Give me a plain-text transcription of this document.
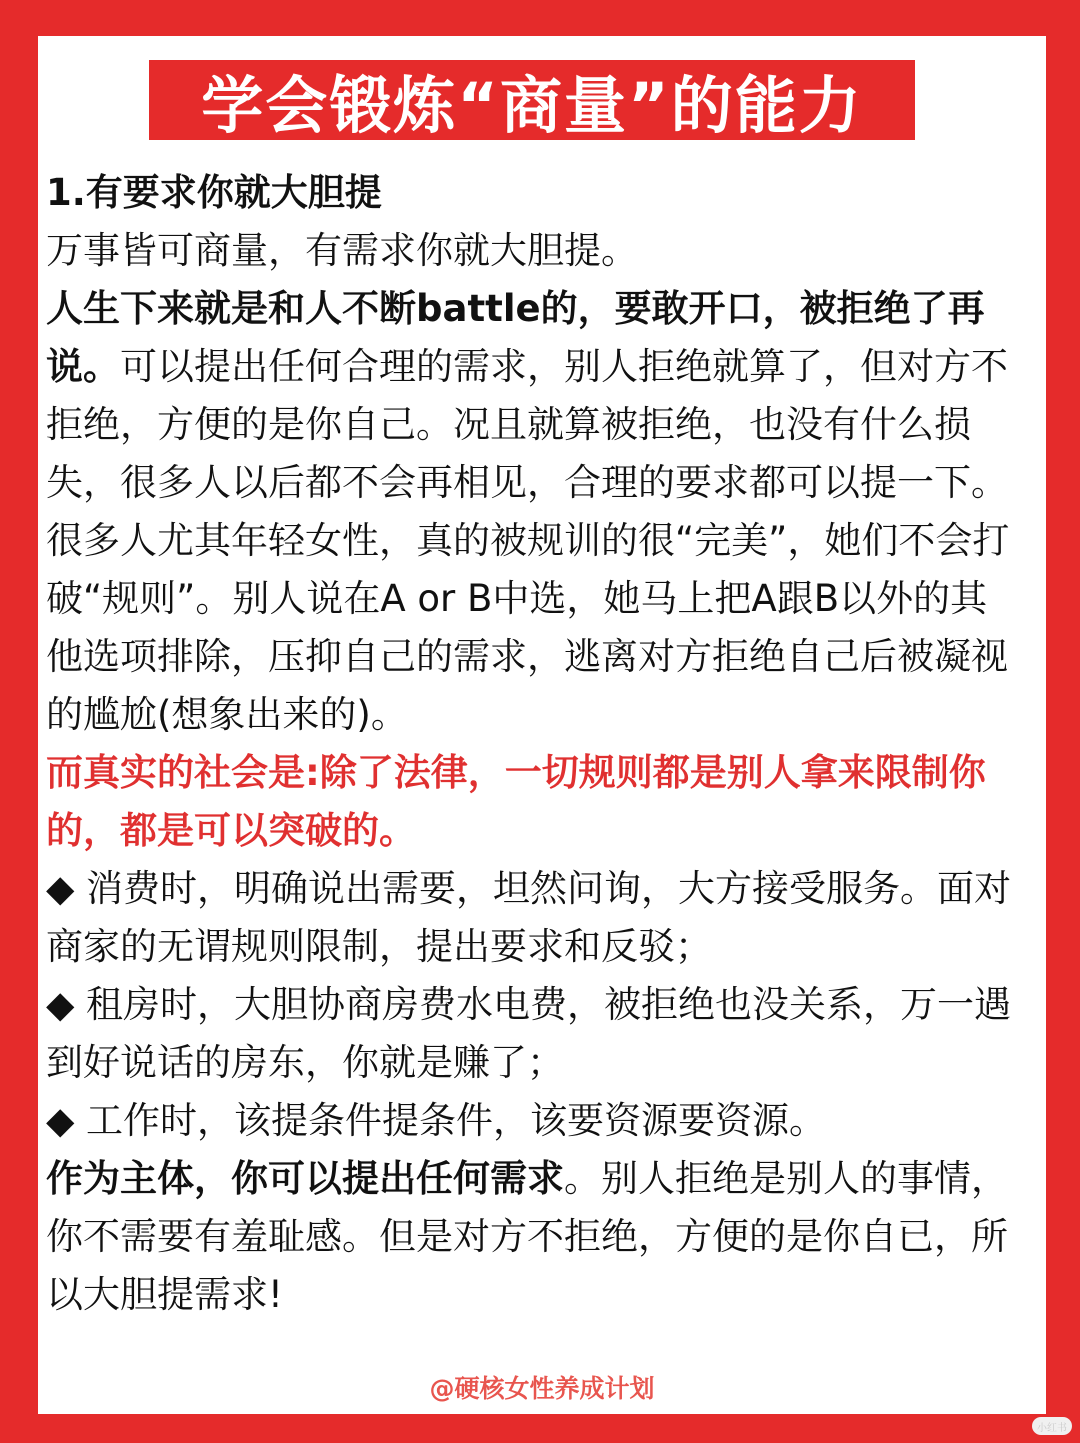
学会锻炼“商量”的能力

1.有要求你就大胆提

万事皆可商量，有需求你就大胆提。

人生下来就是和人不断battle的，要敢开口，被拒绝了再说。可以提出任何合理的需求，别人拒绝就算了，但对方不拒绝，方便的是你自己。况且就算被拒绝，也没有什么损失，很多人以后都不会再相见，合理的要求都可以提一下。

很多人尤其年轻女性，真的被规训的很“完美”，她们不会打破“规则”。别人说在A or B中选，她马上把A跟B以外的其他选项排除，压抑自己的需求，逃离对方拒绝自己后被凝视的尴尬(想象出来的)。

而真实的社会是:除了法律，一切规则都是别人拿来限制你的，都是可以突破的。

◆ 消费时，明确说出需要，坦然问询，大方接受服务。面对商家的无谓规则限制，提出要求和反驳；

◆ 租房时，大胆协商房费水电费，被拒绝也没关系，万一遇到好说话的房东，你就是赚了；

◆ 工作时，该提条件提条件，该要资源要资源。

作为主体，你可以提出任何需求。别人拒绝是别人的事情，你不需要有羞耻感。但是对方不拒绝，方便的是你自已，所以大胆提需求!

@硬核女性养成计划
小红书
